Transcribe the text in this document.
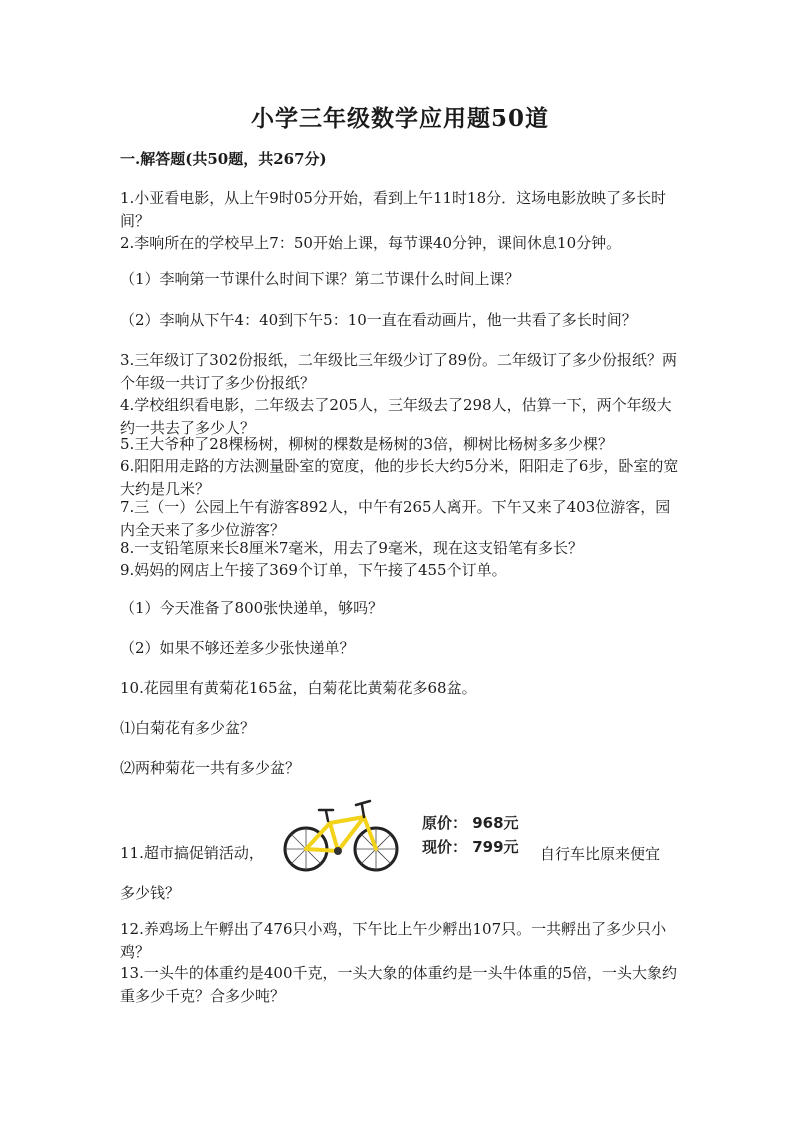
小学三年级数学应用题50道
一.解答题(共50题，共267分)

1.小亚看电影，从上午9时05分开始，看到上午11时18分．这场电影放映了多长时间？

2.李响所在的学校早上7：50开始上课，每节课40分钟，课间休息10分钟。

（1）李响第一节课什么时间下课？第二节课什么时间上课？

（2）李响从下午4：40到下午5：10一直在看动画片，他一共看了多长时间？

3.三年级订了302份报纸，二年级比三年级少订了89份。二年级订了多少份报纸？两个年级一共订了多少份报纸？

4.学校组织看电影，二年级去了205人，三年级去了298人，估算一下，两个年级大约一共去了多少人？

5.王大爷种了28棵杨树，柳树的棵数是杨树的3倍，柳树比杨树多多少棵？

6.阳阳用走路的方法测量卧室的宽度，他的步长大约5分米，阳阳走了6步，卧室的宽大约是几米？

7.三（一）公园上午有游客892人，中午有265人离开。下午又来了403位游客，园内全天来了多少位游客？

8.一支铅笔原来长8厘米7毫米，用去了9毫米，现在这支铅笔有多长？

9.妈妈的网店上午接了369个订单，下午接了455个订单。

（1）今天准备了800张快递单，够吗？

（2）如果不够还差多少张快递单？

10.花园里有黄菊花165盆，白菊花比黄菊花多68盆。

⑴白菊花有多少盆？

⑵两种菊花一共有多少盆？

11.超市搞促销活动，

原价： 968元
现价： 799元 自行车比原来便宜

多少钱？

12.养鸡场上午孵出了476只小鸡，下午比上午少孵出107只。一共孵出了多少只小鸡？

13.一头牛的体重约是400千克，一头大象的体重约是一头牛体重的5倍，一头大象约重多少千克？合多少吨？
